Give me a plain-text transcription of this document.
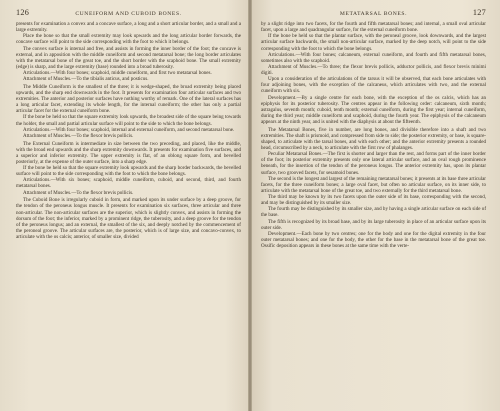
126	CUNEIFORM AND CUBOID BONES.

presents for examination a convex and a concave surface, a long and a short articular border, and a small and a large extremity.

Place the bone so that the small extremity may look upwards and the long articular border forwards, the concave surface will point to the side corresponding with the foot to which it belongs.

The convex surface is internal and free, and assists in forming the inner border of the foot; the concave is external, and in apposition with the middle cuneiform and second metatarsal bone; the long border articulates with the metatarsal bone of the great toe, and the short border with the scaphoid bone. The small extremity (edge) is sharp, and the large extremity (base) rounded into a broad tuberosity.

Articulations.—With four bones; scaphoid, middle cuneiform, and first two metatarsal bones.

Attachment of Muscles.—To the tibialis anticus, and posticus.

The Middle Cuneiform is the smallest of the three; it is wedge-shaped, the broad extremity being placed upwards, and the sharp end downwards in the foot. It presents for examination four articular surfaces and two extremities. The anterior and posterior surfaces have nothing worthy of remark. One of the lateral surfaces has a long articular facet, extending its whole length, for the internal cuneiform; the other has only a partial articular facet for the external cuneiform bone.

If the bone be held so that the square extremity look upwards, the broadest side of the square being towards the holder, the small and partial articular surface will point to the side to which the bone belongs.

Articulations.—With four bones; scaphoid, internal and external cuneiform, and second metatarsal bone.

Attachment of Muscles.—To the flexor brevis pollicis.

The External Cuneiform is intermediate in size between the two preceding, and placed, like the middle, with the broad end upwards and the sharp extremity downwards. It presents for examination five surfaces, and a superior and inferior extremity. The upper extremity is flat, of an oblong square form, and bevelled posteriorly, at the expense of the outer surface, into a sharp edge.

If the bone be held so that the square extremity look upwards and the sharp border backwards, the bevelled surface will point to the side corresponding with the foot to which the bone belongs.

Articulations.—With six bones; scaphoid, middle cuneiform, cuboid, and second, third, and fourth metatarsal bones.

Attachment of Muscles.—To the flexor brevis pollicis.

The Cuboid Bone is irregularly cuboid in form, and marked upon its under surface by a deep groove, for the tendon of the peroneus longus muscle. It presents for examination six surfaces, three articular and three non-articular. The non-articular surfaces are the superior, which is slightly convex, and assists in forming the dorsum of the foot; the inferior, marked by a prominent ridge, the tuberosity, and a deep groove for the tendon of the peroneus longus; and an external, the smallest of the six, and deeply notched by the commencement of the peroneal groove. The articular surfaces are, the posterior, which is of large size, and concavo-convex, to articulate with the os calcis; anterior, of smaller size, divided

METATARSAL BONES.	127

by a slight ridge into two facets, for the fourth and fifth metatarsal bones; and internal, a small oval articular facet, upon a large and quadrangular surface, for the external cuneiform bone.

If the bone be held so that the plantar surface, with the peroneal groove, look downwards, and the largest articular surface backwards, the small non-articular surface, marked by the deep notch, will point to the side corresponding with the foot to which the bone belongs.

Articulations.—With four bones; calcaneum, external cuneiform, and fourth and fifth metatarsal bones, sometimes also with the scaphoid.

Attachment of Muscles.—To three; the flexor brevis pollicis, adductor pollicis, and flexor brevis minimi digiti.

Upon a consideration of the articulations of the tarsus it will be observed, that each bone articulates with four adjoining bones, with the exception of the calcaneus, which articulates with two, and the external cuneiform with six.

Development.—By a single centre for each bone, with the exception of the os calcis, which has an epiphysis for its posterior tuberosity. The centres appear in the following order: calcaneum, sixth month; astragalus, seventh month; cuboid, tenth month; external cuneiform, during the first year; internal cuneiform, during the third year; middle cuneiform and scaphoid, during the fourth year. The epiphysis of the calcaneum appears at the ninth year, and is united with the diaphysis at about the fifteenth.

The Metatarsal Bones, five in number, are long bones, and divisible therefore into a shaft and two extremities. The shaft is prismoid, and compressed from side to side; the posterior extremity, or base, is square-shaped, to articulate with the tarsal bones, and with each other; and the anterior extremity presents a rounded head, circumscribed by a neck, to articulate with the first row of phalanges.

Peculiar Metatarsal Bones.—The first is shorter and larger than the rest, and forms part of the inner border of the foot; its posterior extremity presents only one lateral articular surface, and an oval rough prominence beneath, for the insertion of the tendon of the peroneus longus. The anterior extremity has, upon its plantar surface, two grooved facets, for sesamoid bones.

The second is the longest and largest of the remaining metatarsal bones; it presents at its base three articular facets, for the three cuneiform bones; a large oval facet, but often no articular surface, on its inner side, to articulate with the metatarsal bone of the great toe, and two externally for the third metatarsal bone.

The third may be known by its two facets upon the outer side of its base, corresponding with the second, and may be distinguished by its smaller size.

The fourth may be distinguished by its smaller size, and by having a single articular surface on each side of the base.

The fifth is recognized by its broad base, and by its large tuberosity in place of an articular surface upon its outer side.

Development.—Each bone by two centres; one for the body and one for the digital extremity in the four outer metatarsal bones; and one for the body, the other for the base in the metatarsal bone of the great toe. Ossific deposition appears in these bones at the same time with the verte-
